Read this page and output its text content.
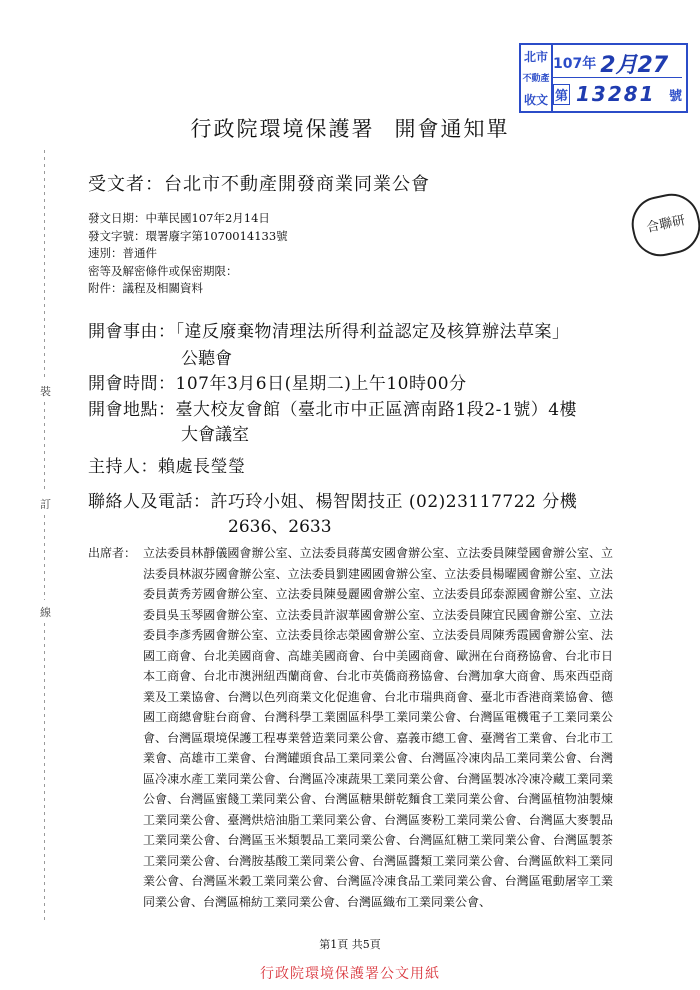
北市
不動產
收文
107年 2月27
第 13281	號
合聯研
行政院環境保護署 開會通知單
受文者：台北市不動產開發商業同業公會
發文日期：中華民國107年2月14日
發文字號：環署廢字第1070014133號
速別：普通件
密等及解密條件或保密期限：
附件：議程及相關資料
開會事由：「違反廢棄物清理法所得利益認定及核算辦法草案」
公聽會
開會時間：107年3月6日(星期二)上午10時00分
開會地點：臺大校友會館（臺北市中正區濟南路1段2-1號）4樓
大會議室
主持人：賴處長瑩瑩
聯絡人及電話：許巧玲小姐、楊智閎技正 (02)23117722 分機
2636、2633
出席者： 立法委員林靜儀國會辦公室、立法委員蔣萬安國會辦公室、立法委員陳瑩國會辦公室、立法委員林淑芬國會辦公室、立法委員劉建國國會辦公室、立法委員楊曜國會辦公室、立法委員黃秀芳國會辦公室、立法委員陳曼麗國會辦公室、立法委員邱泰源國會辦公室、立法委員吳玉琴國會辦公室、立法委員許淑華國會辦公室、立法委員陳宜民國會辦公室、立法委員李彥秀國會辦公室、立法委員徐志榮國會辦公室、立法委員周陳秀霞國會辦公室、法國工商會、台北美國商會、高雄美國商會、台中美國商會、歐洲在台商務協會、台北市日本工商會、台北市澳洲紐西蘭商會、台北市英僑商務協會、台灣加拿大商會、馬來西亞商業及工業協會、台灣以色列商業文化促進會、台北市瑞典商會、臺北市香港商業協會、德國工商總會駐台商會、台灣科學工業園區科學工業同業公會、台灣區電機電子工業同業公會、台灣區環境保護工程專業營造業同業公會、嘉義市總工會、臺灣省工業會、台北市工業會、高雄市工業會、台灣罐頭食品工業同業公會、台灣區冷凍肉品工業同業公會、台灣區冷凍水產工業同業公會、台灣區冷凍蔬果工業同業公會、台灣區製冰冷凍冷藏工業同業公會、台灣區蜜餞工業同業公會、台灣區糖果餅乾麵食工業同業公會、台灣區植物油製煉工業同業公會、臺灣烘焙油脂工業同業公會、台灣區麥粉工業同業公會、台灣區大麥製品工業同業公會、台灣區玉米類製品工業同業公會、台灣區紅糖工業同業公會、台灣區製茶工業同業公會、台灣胺基酸工業同業公會、台灣區醬類工業同業公會、台灣區飲料工業同業公會、台灣區米穀工業同業公會、台灣區冷凍食品工業同業公會、台灣區電動屠宰工業同業公會、台灣區棉紡工業同業公會、台灣區織布工業同業公會、
裝
訂
線
第1頁 共5頁
行政院環境保護署公文用紙
